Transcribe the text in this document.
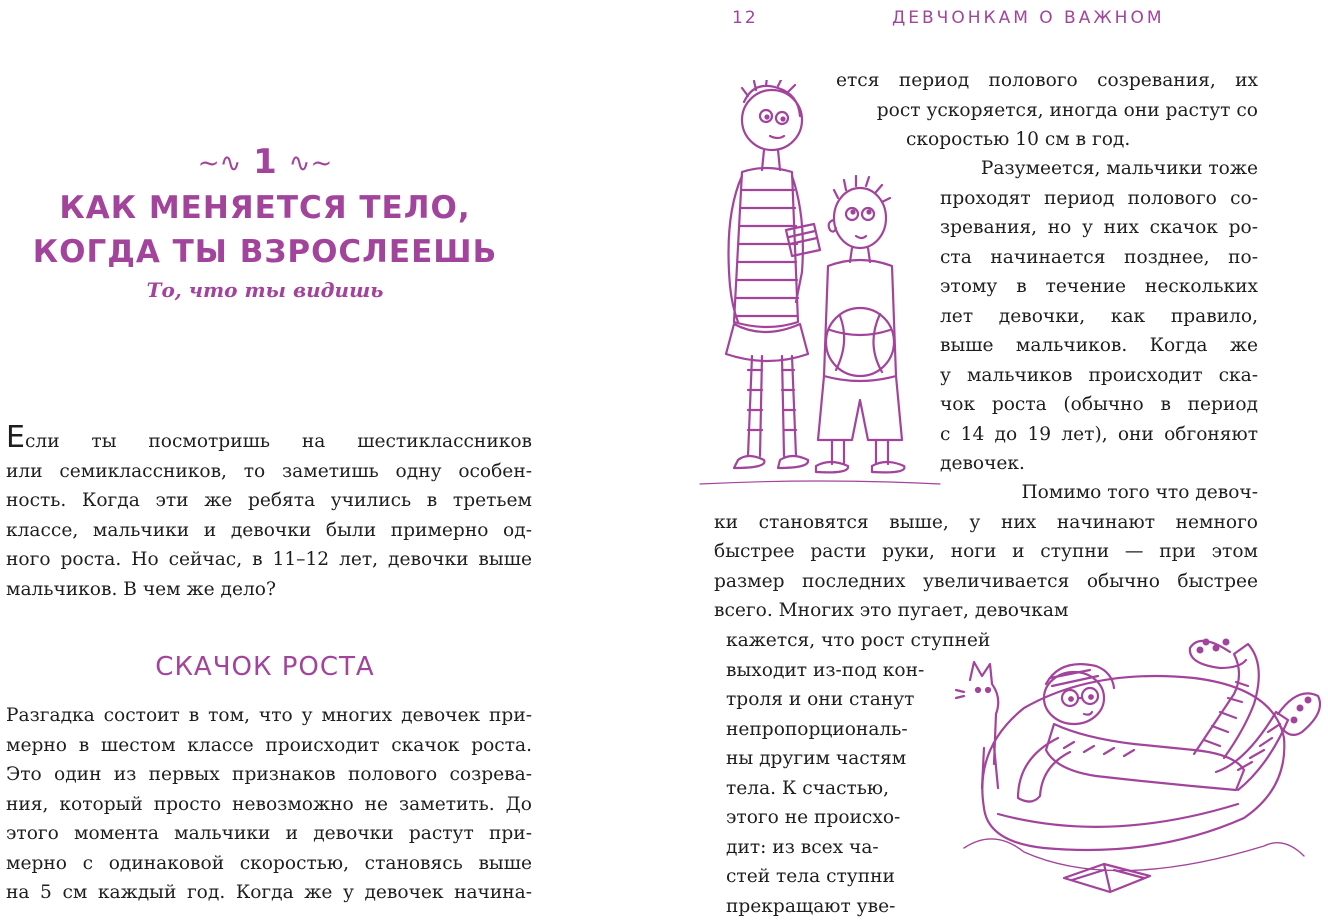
~∿ 1 ∿~
КАК МЕНЯЕТСЯ ТЕЛО,
КОГДА ТЫ ВЗРОСЛЕЕШЬ
То, что ты видишь
Если ты посмотришь на шестиклассников
или семиклассников, то заметишь одну особен-
ность. Когда эти же ребята учились в третьем
классе, мальчики и девочки были примерно од-
ного роста. Но сейчас, в 11–12 лет, девочки выше
мальчиков. В чем же дело?
СКАЧОК РОСТА
Разгадка состоит в том, что у многих девочек при-
мерно в шестом классе происходит скачок роста.
Это один из первых признаков полового созрева-
ния, который просто невозможно не заметить. До
этого момента мальчики и девочки растут при-
мерно с одинаковой скоростью, становясь выше
на 5 см каждый год. Когда же у девочек начина-
12	ДЕВЧОНКАМ О ВАЖНОМ
ется период полового созревания, их
рост ускоряется, иногда они растут со
скоростью 10 см в год.
Разумеется, мальчики тоже
проходят период полового со-
зревания, но у них скачок ро-
ста начинается позднее, по-
этому в течение нескольких
лет девочки, как правило,
выше мальчиков. Когда же
у мальчиков происходит ска-
чок роста (обычно в период
с 14 до 19 лет), они обгоняют
девочек.
Помимо того что девоч-
ки становятся выше, у них начинают немного
быстрее расти руки, ноги и ступни — при этом
размер последних увеличивается обычно быстрее
всего. Многих это пугает, девочкам
кажется, что рост ступней
выходит из-под кон-
троля и они станут
непропорциональ-
ны другим частям
тела. К счастью,
этого не происхо-
дит: из всех ча-
стей тела ступни
прекращают уве-
